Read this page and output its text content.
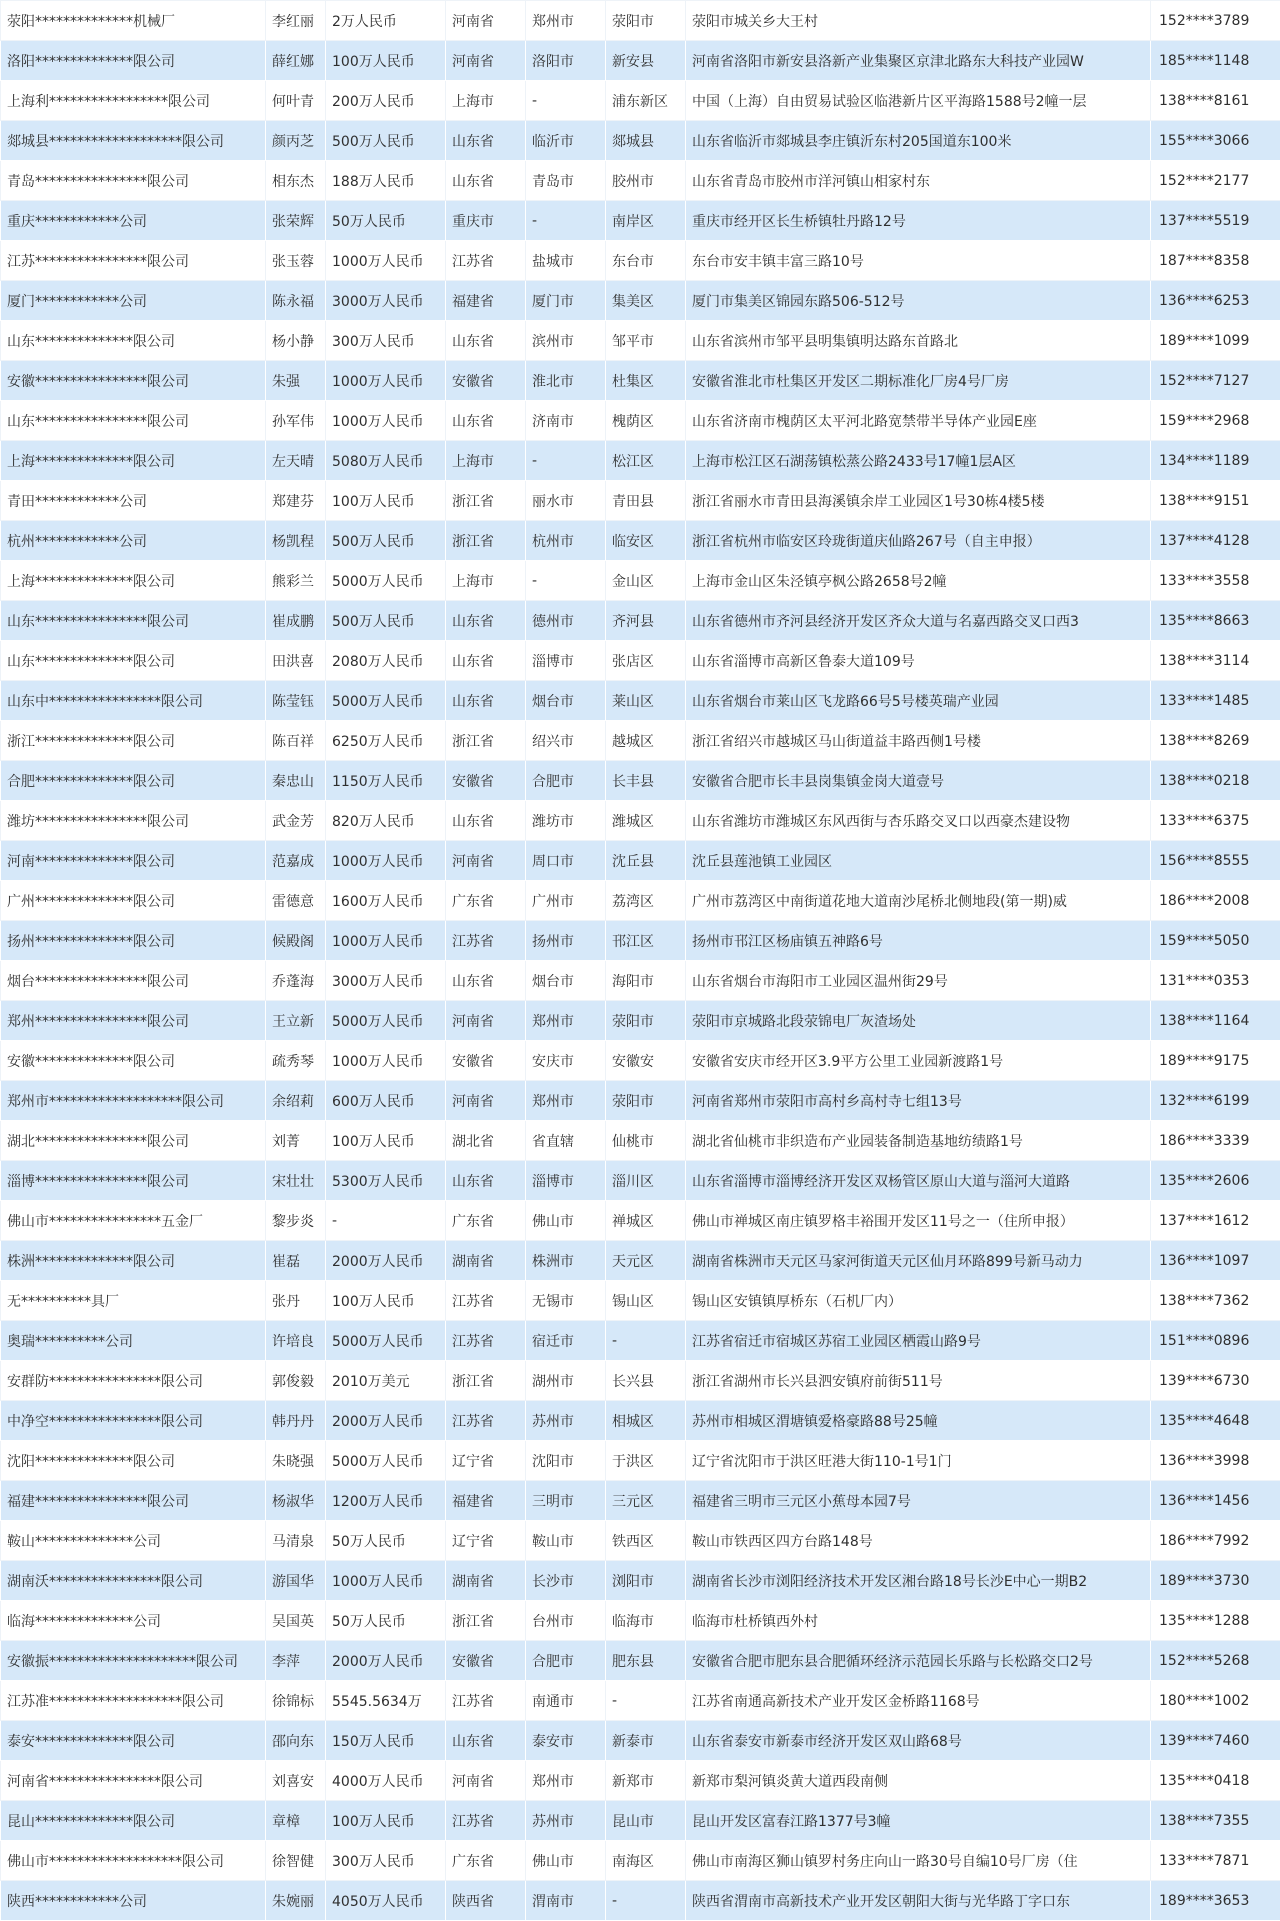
荥阳**************机械厂	李红丽	2万人民币	河南省	郑州市	荥阳市	荥阳市城关乡大王村	152****3789
洛阳**************限公司	薛红娜	100万人民币	河南省	洛阳市	新安县	河南省洛阳市新安县洛新产业集聚区京津北路东大科技产业园W	185****1148
上海利*****************限公司	何叶青	200万人民币	上海市	-	浦东新区	中国（上海）自由贸易试验区临港新片区平海路1588号2幢一层	138****8161
郯城县*******************限公司	颜丙芝	500万人民币	山东省	临沂市	郯城县	山东省临沂市郯城县李庄镇沂东村205国道东100米	155****3066
青岛****************限公司	相东杰	188万人民币	山东省	青岛市	胶州市	山东省青岛市胶州市洋河镇山相家村东	152****2177
重庆************公司	张荣辉	50万人民币	重庆市	-	南岸区	重庆市经开区长生桥镇牡丹路12号	137****5519
江苏****************限公司	张玉蓉	1000万人民币	江苏省	盐城市	东台市	东台市安丰镇丰富三路10号	187****8358
厦门************公司	陈永福	3000万人民币	福建省	厦门市	集美区	厦门市集美区锦园东路506-512号	136****6253
山东**************限公司	杨小静	300万人民币	山东省	滨州市	邹平市	山东省滨州市邹平县明集镇明达路东首路北	189****1099
安徽****************限公司	朱强	1000万人民币	安徽省	淮北市	杜集区	安徽省淮北市杜集区开发区二期标准化厂房4号厂房	152****7127
山东****************限公司	孙军伟	1000万人民币	山东省	济南市	槐荫区	山东省济南市槐荫区太平河北路宽禁带半导体产业园E座	159****2968
上海**************限公司	左天晴	5080万人民币	上海市	-	松江区	上海市松江区石湖荡镇松蒸公路2433号17幢1层A区	134****1189
青田************公司	郑建芬	100万人民币	浙江省	丽水市	青田县	浙江省丽水市青田县海溪镇余岸工业园区1号30栋4楼5楼	138****9151
杭州************公司	杨凯程	500万人民币	浙江省	杭州市	临安区	浙江省杭州市临安区玲珑街道庆仙路267号（自主申报）	137****4128
上海**************限公司	熊彩兰	5000万人民币	上海市	-	金山区	上海市金山区朱泾镇亭枫公路2658号2幢	133****3558
山东****************限公司	崔成鹏	500万人民币	山东省	德州市	齐河县	山东省德州市齐河县经济开发区齐众大道与名嘉西路交叉口西3	135****8663
山东**************限公司	田洪喜	2080万人民币	山东省	淄博市	张店区	山东省淄博市高新区鲁泰大道109号	138****3114
山东中****************限公司	陈莹钰	5000万人民币	山东省	烟台市	莱山区	山东省烟台市莱山区飞龙路66号5号楼英瑞产业园	133****1485
浙江**************限公司	陈百祥	6250万人民币	浙江省	绍兴市	越城区	浙江省绍兴市越城区马山街道益丰路西侧1号楼	138****8269
合肥**************限公司	秦忠山	1150万人民币	安徽省	合肥市	长丰县	安徽省合肥市长丰县岗集镇金岗大道壹号	138****0218
潍坊****************限公司	武金芳	820万人民币	山东省	潍坊市	潍城区	山东省潍坊市潍城区东风西街与杏乐路交叉口以西豪杰建设物	133****6375
河南**************限公司	范嘉成	1000万人民币	河南省	周口市	沈丘县	沈丘县莲池镇工业园区	156****8555
广州**************限公司	雷德意	1600万人民币	广东省	广州市	荔湾区	广州市荔湾区中南街道花地大道南沙尾桥北侧地段(第一期)威	186****2008
扬州**************限公司	候殿阁	1000万人民币	江苏省	扬州市	邗江区	扬州市邗江区杨庙镇五神路6号	159****5050
烟台****************限公司	乔蓬海	3000万人民币	山东省	烟台市	海阳市	山东省烟台市海阳市工业园区温州街29号	131****0353
郑州****************限公司	王立新	5000万人民币	河南省	郑州市	荥阳市	荥阳市京城路北段荥锦电厂灰渣场处	138****1164
安徽**************限公司	疏秀琴	1000万人民币	安徽省	安庆市	安徽安	安徽省安庆市经开区3.9平方公里工业园新渡路1号	189****9175
郑州市*******************限公司	余绍莉	600万人民币	河南省	郑州市	荥阳市	河南省郑州市荥阳市高村乡高村寺七组13号	132****6199
湖北****************限公司	刘菁	100万人民币	湖北省	省直辖	仙桃市	湖北省仙桃市非织造布产业园装备制造基地纺绩路1号	186****3339
淄博****************限公司	宋壮壮	5300万人民币	山东省	淄博市	淄川区	山东省淄博市淄博经济开发区双杨管区原山大道与淄河大道路	135****2606
佛山市****************五金厂	黎步炎	-	广东省	佛山市	禅城区	佛山市禅城区南庄镇罗格丰裕围开发区11号之一（住所申报）	137****1612
株洲**************限公司	崔磊	2000万人民币	湖南省	株洲市	天元区	湖南省株洲市天元区马家河街道天元区仙月环路899号新马动力	136****1097
无**********具厂	张丹	100万人民币	江苏省	无锡市	锡山区	锡山区安镇镇厚桥东（石机厂内）	138****7362
奥瑞**********公司	许培良	5000万人民币	江苏省	宿迁市	-	江苏省宿迁市宿城区苏宿工业园区栖霞山路9号	151****0896
安群防****************限公司	郭俊毅	2010万美元	浙江省	湖州市	长兴县	浙江省湖州市长兴县泗安镇府前街511号	139****6730
中净空****************限公司	韩丹丹	2000万人民币	江苏省	苏州市	相城区	苏州市相城区渭塘镇爱格豪路88号25幢	135****4648
沈阳**************限公司	朱晓强	5000万人民币	辽宁省	沈阳市	于洪区	辽宁省沈阳市于洪区旺港大街110-1号1门	136****3998
福建****************限公司	杨淑华	1200万人民币	福建省	三明市	三元区	福建省三明市三元区小蕉母本园7号	136****1456
鞍山**************公司	马清泉	50万人民币	辽宁省	鞍山市	铁西区	鞍山市铁西区四方台路148号	186****7992
湖南沃****************限公司	游国华	1000万人民币	湖南省	长沙市	浏阳市	湖南省长沙市浏阳经济技术开发区湘台路18号长沙E中心一期B2	189****3730
临海**************公司	吴国英	50万人民币	浙江省	台州市	临海市	临海市杜桥镇西外村	135****1288
安徽振*********************限公司	李萍	2000万人民币	安徽省	合肥市	肥东县	安徽省合肥市肥东县合肥循环经济示范园长乐路与长松路交口2号	152****5268
江苏准*******************限公司	徐锦标	5545.5634万	江苏省	南通市	-	江苏省南通高新技术产业开发区金桥路1168号	180****1002
泰安**************限公司	邵向东	150万人民币	山东省	泰安市	新泰市	山东省泰安市新泰市经济开发区双山路68号	139****7460
河南省****************限公司	刘喜安	4000万人民币	河南省	郑州市	新郑市	新郑市梨河镇炎黄大道西段南侧	135****0418
昆山**************限公司	章樟	100万人民币	江苏省	苏州市	昆山市	昆山开发区富春江路1377号3幢	138****7355
佛山市*******************限公司	徐智健	300万人民币	广东省	佛山市	南海区	佛山市南海区狮山镇罗村务庄向山一路30号自编10号厂房（住	133****7871
陕西************公司	朱婉丽	4050万人民币	陕西省	渭南市	-	陕西省渭南市高新技术产业开发区朝阳大街与光华路丁字口东	189****3653
